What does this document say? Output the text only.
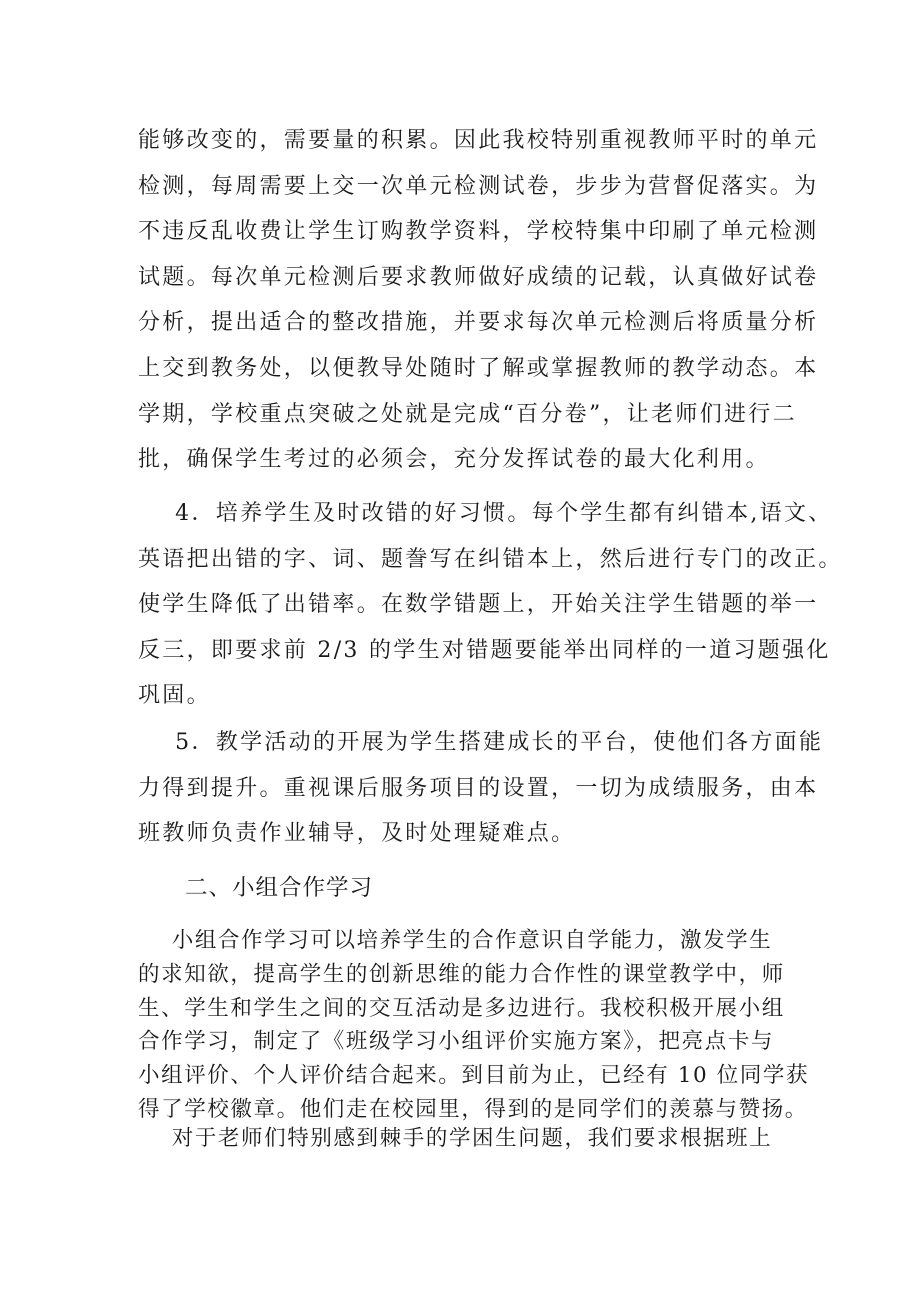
能够改变的，需要量的积累。因此我校特别重视教师平时的单元
检测，每周需要上交一次单元检测试卷，步步为营督促落实。为
不违反乱收费让学生订购教学资料，学校特集中印刷了单元检测
试题。每次单元检测后要求教师做好成绩的记载，认真做好试卷
分析，提出适合的整改措施，并要求每次单元检测后将质量分析
上交到教务处，以便教导处随时了解或掌握教师的教学动态。本
学期，学校重点突破之处就是完成“百分卷”，让老师们进行二
批，确保学生考过的必须会，充分发挥试卷的最大化利用。
4．培养学生及时改错的好习惯。每个学生都有纠错本,语文、
英语把出错的字、词、题誊写在纠错本上，然后进行专门的改正。
使学生降低了出错率。在数学错题上，开始关注学生错题的举一
反三，即要求前 2/3 的学生对错题要能举出同样的一道习题强化
巩固。
5．教学活动的开展为学生搭建成长的平台，使他们各方面能
力得到提升。重视课后服务项目的设置，一切为成绩服务，由本
班教师负责作业辅导，及时处理疑难点。
二、小组合作学习
小组合作学习可以培养学生的合作意识自学能力，激发学生
的求知欲，提高学生的创新思维的能力合作性的课堂教学中，师
生、学生和学生之间的交互活动是多边进行。我校积极开展小组
合作学习，制定了《班级学习小组评价实施方案》，把亮点卡与
小组评价、个人评价结合起来。到目前为止，已经有 10 位同学获
得了学校徽章。他们走在校园里，得到的是同学们的羡慕与赞扬。
对于老师们特别感到棘手的学困生问题，我们要求根据班上
